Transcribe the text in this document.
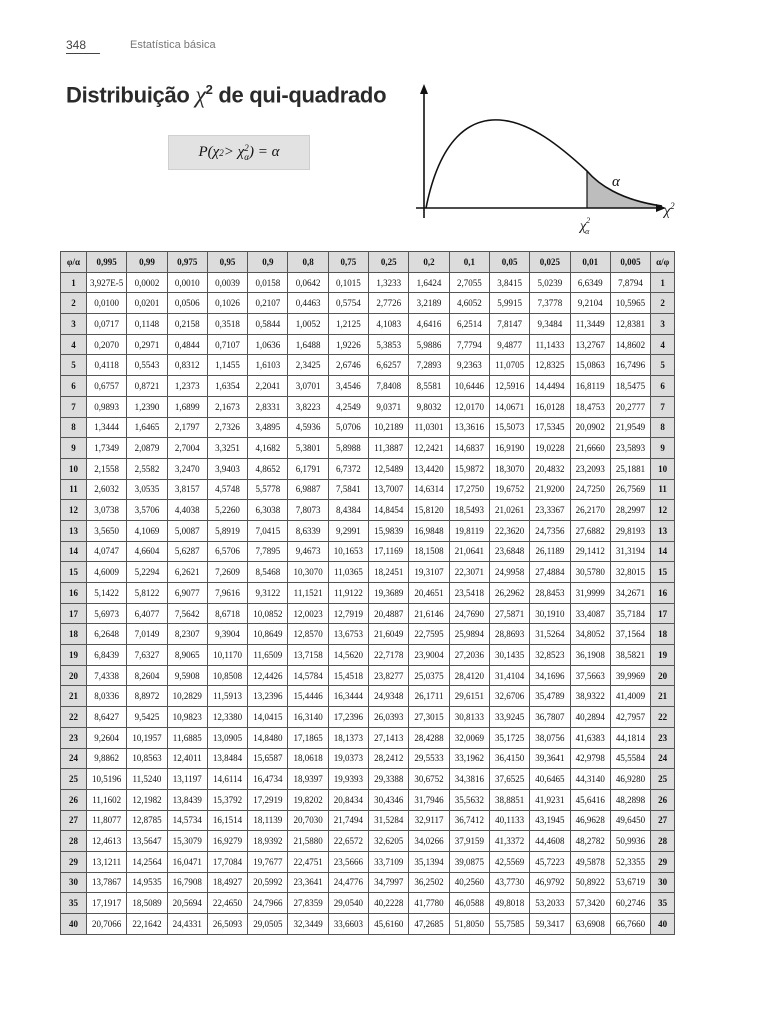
348	Estatística básica
Distribuição $\chi^2$ de qui-quadrado
P(χ 2 > χ 2
α ) = α
α
$\chi^2$
$\chi^2$ α
φ/α	0,995	0,99	0,975	0,95	0,9	0,8	0,75	0,25	0,2	0,1	0,05	0,025	0,01	0,005	α/φ
1	3,927E-5	0,0002	0,0010	0,0039	0,0158	0,0642	0,1015	1,3233	1,6424	2,7055	3,8415	5,0239	6,6349	7,8794	1
2	0,0100	0,0201	0,0506	0,1026	0,2107	0,4463	0,5754	2,7726	3,2189	4,6052	5,9915	7,3778	9,2104	10,5965	2
3	0,0717	0,1148	0,2158	0,3518	0,5844	1,0052	1,2125	4,1083	4,6416	6,2514	7,8147	9,3484	11,3449	12,8381	3
4	0,2070	0,2971	0,4844	0,7107	1,0636	1,6488	1,9226	5,3853	5,9886	7,7794	9,4877	11,1433	13,2767	14,8602	4
5	0,4118	0,5543	0,8312	1,1455	1,6103	2,3425	2,6746	6,6257	7,2893	9,2363	11,0705	12,8325	15,0863	16,7496	5
6	0,6757	0,8721	1,2373	1,6354	2,2041	3,0701	3,4546	7,8408	8,5581	10,6446	12,5916	14,4494	16,8119	18,5475	6
7	0,9893	1,2390	1,6899	2,1673	2,8331	3,8223	4,2549	9,0371	9,8032	12,0170	14,0671	16,0128	18,4753	20,2777	7
8	1,3444	1,6465	2,1797	2,7326	3,4895	4,5936	5,0706	10,2189	11,0301	13,3616	15,5073	17,5345	20,0902	21,9549	8
9	1,7349	2,0879	2,7004	3,3251	4,1682	5,3801	5,8988	11,3887	12,2421	14,6837	16,9190	19,0228	21,6660	23,5893	9
10	2,1558	2,5582	3,2470	3,9403	4,8652	6,1791	6,7372	12,5489	13,4420	15,9872	18,3070	20,4832	23,2093	25,1881	10
11	2,6032	3,0535	3,8157	4,5748	5,5778	6,9887	7,5841	13,7007	14,6314	17,2750	19,6752	21,9200	24,7250	26,7569	11
12	3,0738	3,5706	4,4038	5,2260	6,3038	7,8073	8,4384	14,8454	15,8120	18,5493	21,0261	23,3367	26,2170	28,2997	12
13	3,5650	4,1069	5,0087	5,8919	7,0415	8,6339	9,2991	15,9839	16,9848	19,8119	22,3620	24,7356	27,6882	29,8193	13
14	4,0747	4,6604	5,6287	6,5706	7,7895	9,4673	10,1653	17,1169	18,1508	21,0641	23,6848	26,1189	29,1412	31,3194	14
15	4,6009	5,2294	6,2621	7,2609	8,5468	10,3070	11,0365	18,2451	19,3107	22,3071	24,9958	27,4884	30,5780	32,8015	15
16	5,1422	5,8122	6,9077	7,9616	9,3122	11,1521	11,9122	19,3689	20,4651	23,5418	26,2962	28,8453	31,9999	34,2671	16
17	5,6973	6,4077	7,5642	8,6718	10,0852	12,0023	12,7919	20,4887	21,6146	24,7690	27,5871	30,1910	33,4087	35,7184	17
18	6,2648	7,0149	8,2307	9,3904	10,8649	12,8570	13,6753	21,6049	22,7595	25,9894	28,8693	31,5264	34,8052	37,1564	18
19	6,8439	7,6327	8,9065	10,1170	11,6509	13,7158	14,5620	22,7178	23,9004	27,2036	30,1435	32,8523	36,1908	38,5821	19
20	7,4338	8,2604	9,5908	10,8508	12,4426	14,5784	15,4518	23,8277	25,0375	28,4120	31,4104	34,1696	37,5663	39,9969	20
21	8,0336	8,8972	10,2829	11,5913	13,2396	15,4446	16,3444	24,9348	26,1711	29,6151	32,6706	35,4789	38,9322	41,4009	21
22	8,6427	9,5425	10,9823	12,3380	14,0415	16,3140	17,2396	26,0393	27,3015	30,8133	33,9245	36,7807	40,2894	42,7957	22
23	9,2604	10,1957	11,6885	13,0905	14,8480	17,1865	18,1373	27,1413	28,4288	32,0069	35,1725	38,0756	41,6383	44,1814	23
24	9,8862	10,8563	12,4011	13,8484	15,6587	18,0618	19,0373	28,2412	29,5533	33,1962	36,4150	39,3641	42,9798	45,5584	24
25	10,5196	11,5240	13,1197	14,6114	16,4734	18,9397	19,9393	29,3388	30,6752	34,3816	37,6525	40,6465	44,3140	46,9280	25
26	11,1602	12,1982	13,8439	15,3792	17,2919	19,8202	20,8434	30,4346	31,7946	35,5632	38,8851	41,9231	45,6416	48,2898	26
27	11,8077	12,8785	14,5734	16,1514	18,1139	20,7030	21,7494	31,5284	32,9117	36,7412	40,1133	43,1945	46,9628	49,6450	27
28	12,4613	13,5647	15,3079	16,9279	18,9392	21,5880	22,6572	32,6205	34,0266	37,9159	41,3372	44,4608	48,2782	50,9936	28
29	13,1211	14,2564	16,0471	17,7084	19,7677	22,4751	23,5666	33,7109	35,1394	39,0875	42,5569	45,7223	49,5878	52,3355	29
30	13,7867	14,9535	16,7908	18,4927	20,5992	23,3641	24,4776	34,7997	36,2502	40,2560	43,7730	46,9792	50,8922	53,6719	30
35	17,1917	18,5089	20,5694	22,4650	24,7966	27,8359	29,0540	40,2228	41,7780	46,0588	49,8018	53,2033	57,3420	60,2746	35
40	20,7066	22,1642	24,4331	26,5093	29,0505	32,3449	33,6603	45,6160	47,2685	51,8050	55,7585	59,3417	63,6908	66,7660	40
